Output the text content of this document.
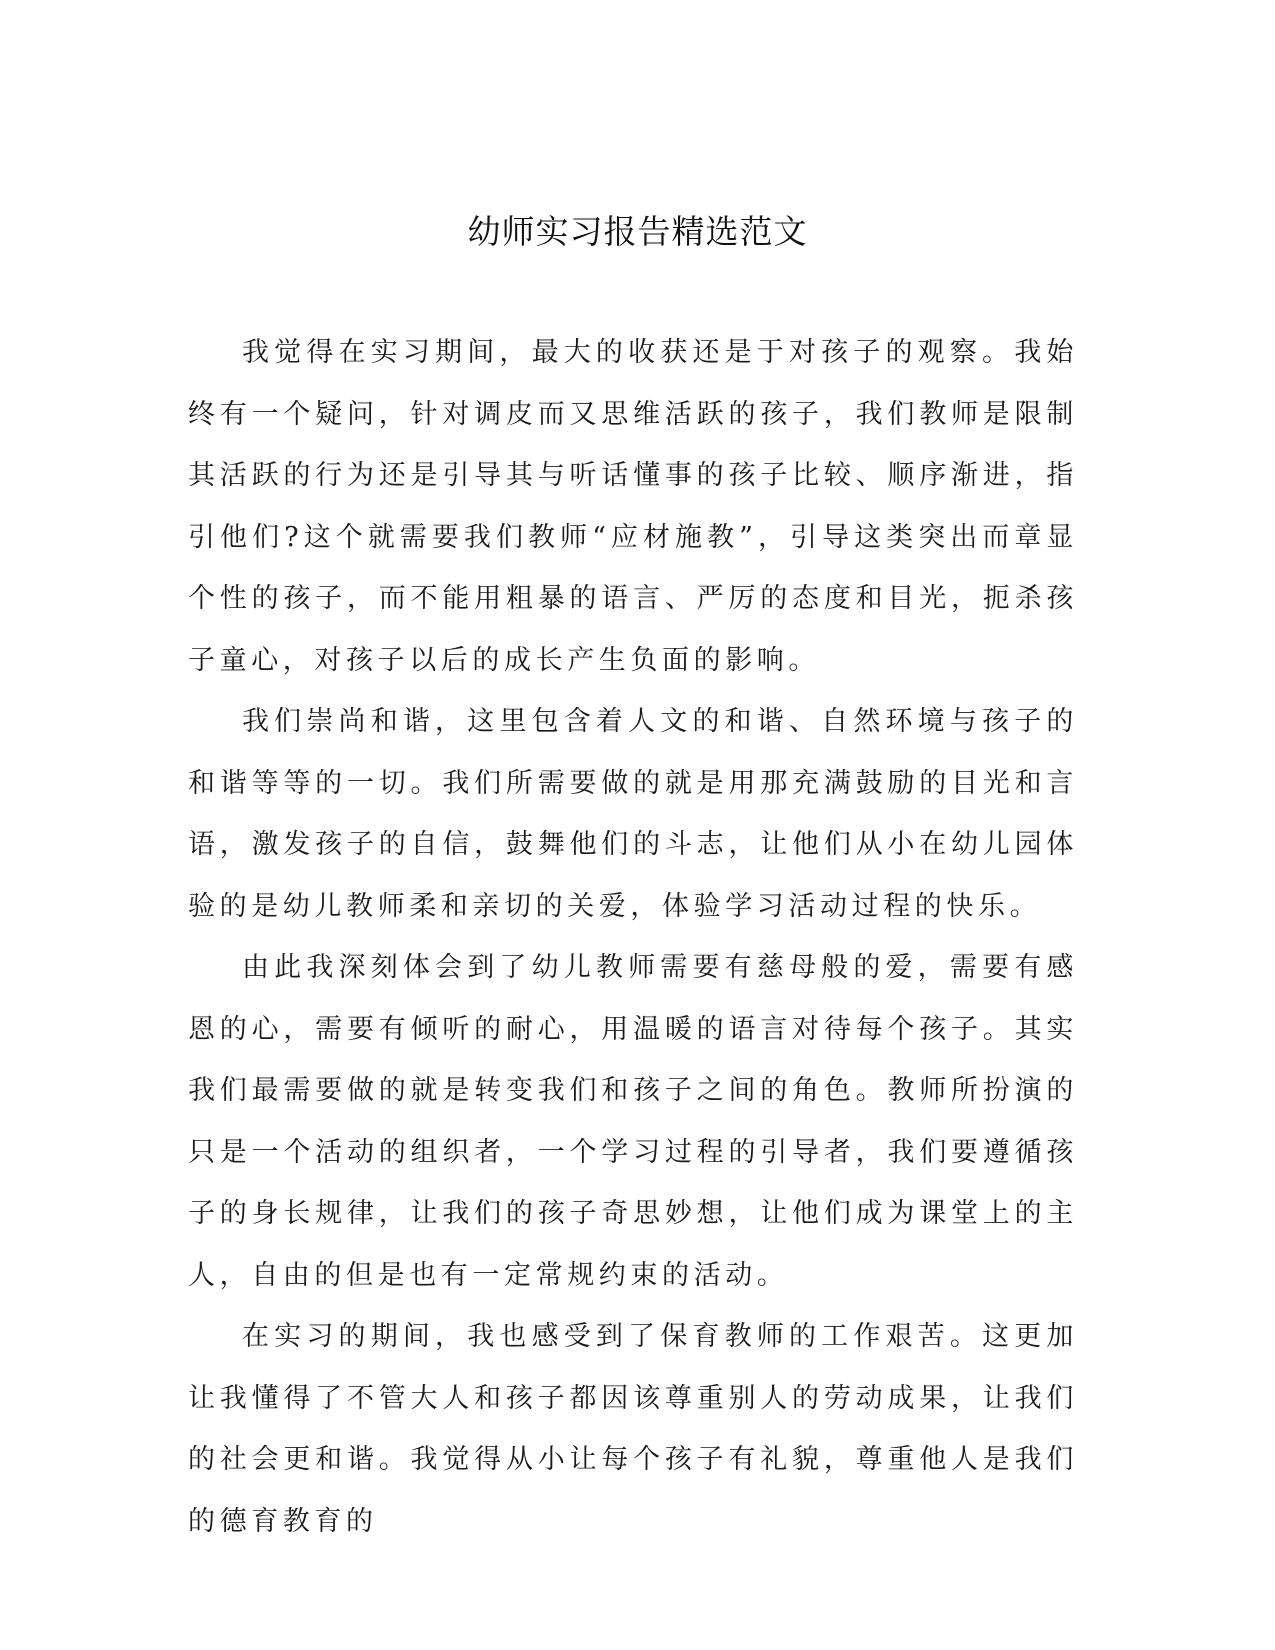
幼师实习报告精选范文

我觉得在实习期间，最大的收获还是于对孩子的观察。我始终有一个疑问，针对调皮而又思维活跃的孩子，我们教师是限制其活跃的行为还是引导其与听话懂事的孩子比较、顺序渐进，指引他们?这个就需要我们教师“应材施教”，引导这类突出而章显个性的孩子，而不能用粗暴的语言、严厉的态度和目光，扼杀孩子童心，对孩子以后的成长产生负面的影响。

我们崇尚和谐，这里包含着人文的和谐、自然环境与孩子的和谐等等的一切。我们所需要做的就是用那充满鼓励的目光和言语，激发孩子的自信，鼓舞他们的斗志，让他们从小在幼儿园体验的是幼儿教师柔和亲切的关爱，体验学习活动过程的快乐。

由此我深刻体会到了幼儿教师需要有慈母般的爱，需要有感恩的心，需要有倾听的耐心，用温暖的语言对待每个孩子。其实我们最需要做的就是转变我们和孩子之间的角色。教师所扮演的只是一个活动的组织者，一个学习过程的引导者，我们要遵循孩子的身长规律，让我们的孩子奇思妙想，让他们成为课堂上的主人，自由的但是也有一定常规约束的活动。

在实习的期间，我也感受到了保育教师的工作艰苦。这更加让我懂得了不管大人和孩子都因该尊重别人的劳动成果，让我们的社会更和谐。我觉得从小让每个孩子有礼貌，尊重他人是我们的德育教育的
